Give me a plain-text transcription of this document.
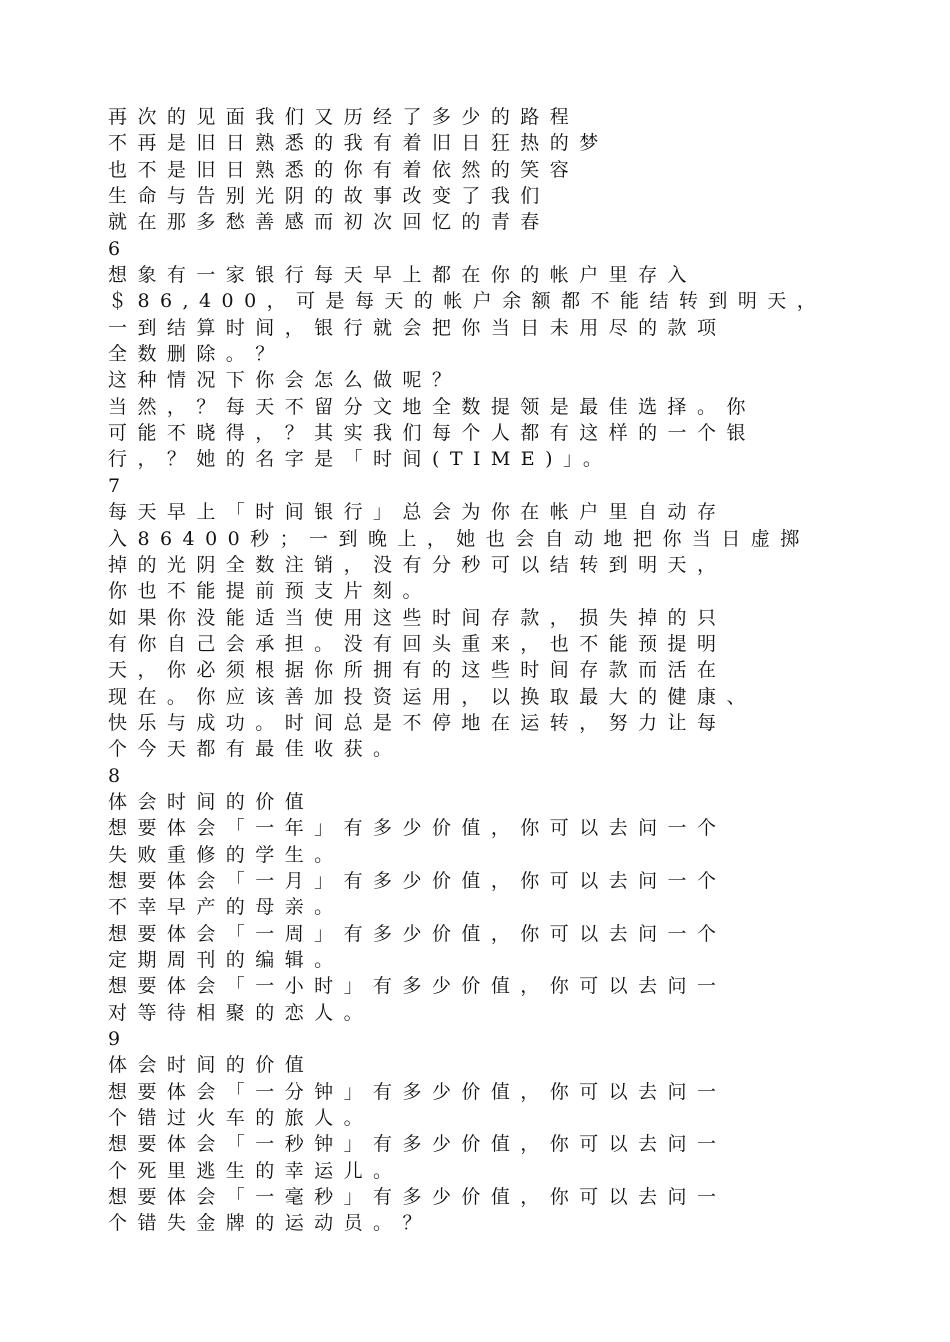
再次的见面我们又历经了多少的路程
不再是旧日熟悉的我有着旧日狂热的梦
也不是旧日熟悉的你有着依然的笑容
生命与告别光阴的故事改变了我们
就在那多愁善感而初次回忆的青春
6
想象有一家银行每天早上都在你的帐户里存入
＄86,400，可是每天的帐户余额都不能结转到明天，
一到结算时间，银行就会把你当日未用尽的款项
全数删除。？
这种情况下你会怎么做呢？
当然，？每天不留分文地全数提领是最佳选择。你
可能不晓得，？其实我们每个人都有这样的一个银
行，？她的名字是「时间(TIME)」。
7
每天早上「时间银行」总会为你在帐户里自动存
入86400秒；一到晚上，她也会自动地把你当日虚掷
掉的光阴全数注销，没有分秒可以结转到明天，
你也不能提前预支片刻。
如果你没能适当使用这些时间存款，损失掉的只
有你自己会承担。没有回头重来，也不能预提明
天，你必须根据你所拥有的这些时间存款而活在
现在。你应该善加投资运用，以换取最大的健康、
快乐与成功。时间总是不停地在运转，努力让每
个今天都有最佳收获。
8
体会时间的价值
想要体会「一年」有多少价值，你可以去问一个
失败重修的学生。
想要体会「一月」有多少价值，你可以去问一个
不幸早产的母亲。
想要体会「一周」有多少价值，你可以去问一个
定期周刊的编辑。
想要体会「一小时」有多少价值，你可以去问一
对等待相聚的恋人。
9
体会时间的价值
想要体会「一分钟」有多少价值，你可以去问一
个错过火车的旅人。
想要体会「一秒钟」有多少价值，你可以去问一
个死里逃生的幸运儿。
想要体会「一毫秒」有多少价值，你可以去问一
个错失金牌的运动员。？
